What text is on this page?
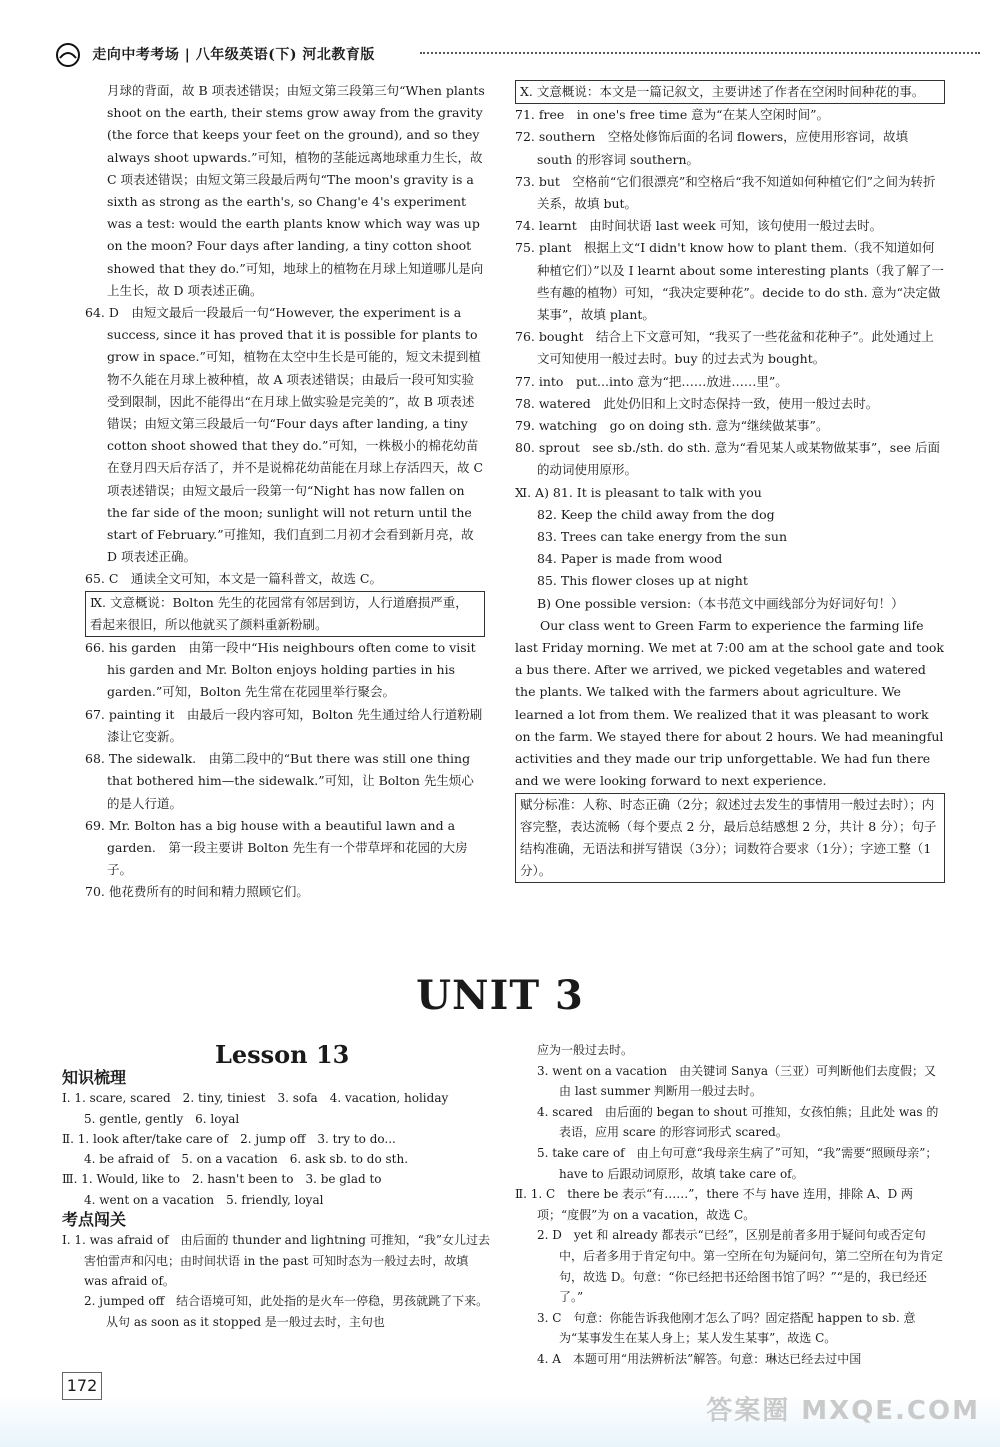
走向中考考场 | 八年级英语(下) 河北教育版

月球的背面，故 B 项表述错误；由短文第三段第三句“When plants shoot on the earth, their stems grow away from the gravity (the force that keeps your feet on the ground), and so they always shoot upwards.”可知，植物的茎能远离地球重力生长，故 C 项表述错误；由短文第三段最后两句“The moon's gravity is a sixth as strong as the earth's, so Chang'e 4's experiment was a test: would the earth plants know which way was up on the moon? Four days after landing, a tiny cotton shoot showed that they do.”可知，地球上的植物在月球上知道哪儿是向上生长，故 D 项表述正确。

64. D　由短文最后一段最后一句“However, the experiment is a success, since it has proved that it is possible for plants to grow in space.”可知，植物在太空中生长是可能的，短文未提到植物不久能在月球上被种植，故 A 项表述错误；由最后一段可知实验受到限制，因此不能得出“在月球上做实验是完美的”，故 B 项表述错误；由短文第三段最后一句“Four days after landing, a tiny cotton shoot showed that they do.”可知，一株极小的棉花幼苗在登月四天后存活了，并不是说棉花幼苗能在月球上存活四天，故 C 项表述错误；由短文最后一段第一句“Night has now fallen on the far side of the moon; sunlight will not return until the start of February.”可推知，我们直到二月初才会看到新月亮，故 D 项表述正确。

65. C　通读全文可知，本文是一篇科普文，故选 C。

Ⅸ. 文意概说：Bolton 先生的花园常有邻居到访，人行道磨损严重，看起来很旧，所以他就买了颜料重新粉刷。

66. his garden　由第一段中“His neighbours often come to visit his garden and Mr. Bolton enjoys holding parties in his garden.”可知，Bolton 先生常在花园里举行聚会。

67. painting it　由最后一段内容可知，Bolton 先生通过给人行道粉刷漆让它变新。

68. The sidewalk.　由第二段中的“But there was still one thing that bothered him—the sidewalk.”可知，让 Bolton 先生烦心的是人行道。

69. Mr. Bolton has a big house with a beautiful lawn and a garden.　第一段主要讲 Bolton 先生有一个带草坪和花园的大房子。

70. 他花费所有的时间和精力照顾它们。

Ⅹ. 文意概说：本文是一篇记叙文，主要讲述了作者在空闲时间种花的事。

71. free　in one's free time 意为“在某人空闲时间”。

72. southern　空格处修饰后面的名词 flowers，应使用形容词，故填 south 的形容词 southern。

73. but　空格前“它们很漂亮”和空格后“我不知道如何种植它们”之间为转折关系，故填 but。

74. learnt　由时间状语 last week 可知，该句使用一般过去时。

75. plant　根据上文“I didn't know how to plant them.（我不知道如何种植它们）”以及 I learnt about some interesting plants（我了解了一些有趣的植物）可知，“我决定要种花”。decide to do sth. 意为“决定做某事”，故填 plant。

76. bought　结合上下文意可知，“我买了一些花盆和花种子”。此处通过上文可知使用一般过去时。buy 的过去式为 bought。

77. into　put...into 意为“把……放进……里”。

78. watered　此处仍旧和上文时态保持一致，使用一般过去时。

79. watching　go on doing sth. 意为“继续做某事”。

80. sprout　see sb./sth. do sth. 意为“看见某人或某物做某事”，see 后面的动词使用原形。

Ⅺ. A) 81. It is pleasant to talk with you

82. Keep the child away from the dog

83. Trees can take energy from the sun

84. Paper is made from wood

85. This flower closes up at night

B) One possible version:（本书范文中画线部分为好词好句！）

Our class went to Green Farm to experience the farming life last Friday morning. We met at 7:00 am at the school gate and took a bus there. After we arrived, we picked vegetables and watered the plants. We talked with the farmers about agriculture. We learned a lot from them. We realized that it was pleasant to work on the farm. We stayed there for about 2 hours. We had meaningful activities and they made our trip unforgettable. We had fun there and we were looking forward to next experience.

赋分标准：人称、时态正确（2分；叙述过去发生的事情用一般过去时）；内容完整，表达流畅（每个要点 2 分，最后总结感想 2 分，共计 8 分）；句子结构准确，无语法和拼写错误（3分）；词数符合要求（1分）；字迹工整（1分）。

UNIT 3
Lesson 13

知识梳理

Ⅰ. 1. scare, scared　2. tiny, tiniest　3. sofa　4. vacation, holiday

5. gentle, gently　6. loyal

Ⅱ. 1. look after/take care of　2. jump off　3. try to do...

4. be afraid of　5. on a vacation　6. ask sb. to do sth.

Ⅲ. 1. Would, like to　2. hasn't been to　3. be glad to

4. went on a vacation　5. friendly, loyal

考点闯关

Ⅰ. 1. was afraid of　由后面的 thunder and lightning 可推知，“我”女儿过去害怕雷声和闪电；由时间状语 in the past 可知时态为一般过去时，故填 was afraid of。

2. jumped off　结合语境可知，此处指的是火车一停稳，男孩就跳了下来。从句 as soon as it stopped 是一般过去时，主句也

应为一般过去时。

3. went on a vacation　由关键词 Sanya（三亚）可判断他们去度假；又由 last summer 判断用一般过去时。

4. scared　由后面的 began to shout 可推知，女孩怕熊；且此处 was 的表语，应用 scare 的形容词形式 scared。

5. take care of　由上句可意“我母亲生病了”可知，“我”需要“照顾母亲”；have to 后跟动词原形，故填 take care of。

Ⅱ. 1. C　there be 表示“有……”，there 不与 have 连用，排除 A、D 两项；“度假”为 on a vacation，故选 C。

2. D　yet 和 already 都表示“已经”，区别是前者多用于疑问句或否定句中，后者多用于肯定句中。第一空所在句为疑问句，第二空所在句为肯定句，故选 D。句意：“你已经把书还给图书馆了吗？”“是的，我已经还了。”

3. C　句意：你能告诉我他刚才怎么了吗？固定搭配 happen to sb. 意为“某事发生在某人身上；某人发生某事”，故选 C。

4. A　本题可用“用法辨析法”解答。句意：琳达已经去过中国

172
答案圈 MXQE.COM
